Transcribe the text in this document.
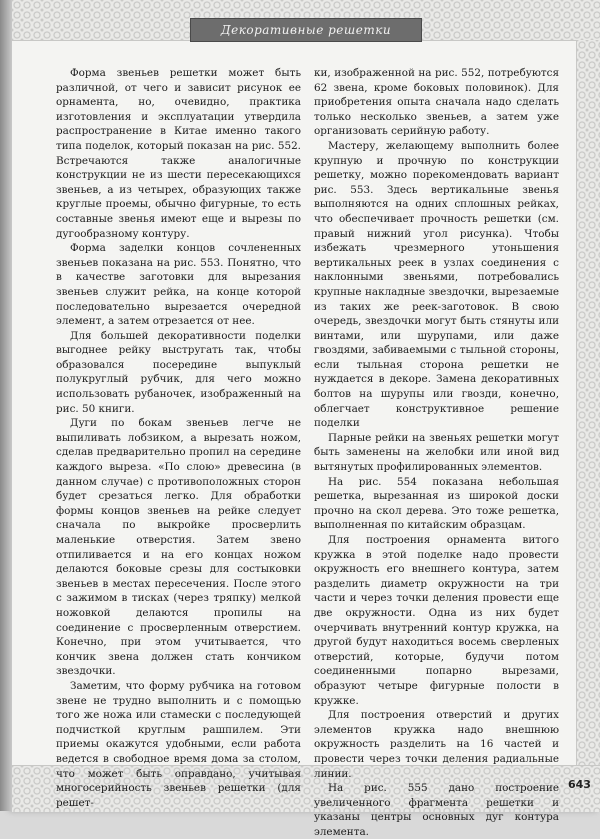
Декоративные решетки

Форма звеньев решетки может быть различной, от чего и зависит рисунок ее орнамента, но, очевидно, практика изготовления и эксплуатации утвердила распространение в Китае именно такого типа поделок, который показан на рис. 552. Встречаются также аналогичные конструкции не из шести пересекающихся звеньев, а из четырех, образующих также круглые проемы, обычно фигурные, то есть составные звенья имеют еще и вырезы по дугообразному контуру.

Форма заделки концов сочлененных звеньев показана на рис. 553. Понятно, что в качестве заготовки для вырезания звеньев служит рейка, на конце которой последовательно вырезается очередной элемент, а затем отрезается от нее.

Для большей декоративности поделки выгоднее рейку выстругать так, чтобы образовался посередине выпуклый полукруглый рубчик, для чего можно использовать рубаночек, изображенный на рис. 50 книги.

Дуги по бокам звеньев легче не выпиливать лобзиком, а вырезать ножом, сделав предварительно пропил на середине каждого выреза. «По слою» древесина (в данном случае) с противоположных сторон будет срезаться легко. Для обработки формы концов звеньев на рейке следует сначала по выкройке просверлить маленькие отверстия. Затем звено отпиливается и на его концах ножом делаются боковые срезы для состыковки звеньев в местах пересечения. После этого с зажимом в тисках (через тряпку) мелкой ножовкой делаются пропилы на соединение с просверленным отверстием. Конечно, при этом учитывается, что кончик звена должен стать кончиком звездочки.

Заметим, что форму рубчика на готовом звене не трудно выполнить и с помощью того же ножа или стамески с последующей подчисткой круглым рашпилем. Эти приемы окажутся удобными, если работа ведется в свободное время дома за столом, что может быть оправдано, учитывая многосерийность звеньев решетки (для решет-

ки, изображенной на рис. 552, потребуются 62 звена, кроме боковых половинок). Для приобретения опыта сначала надо сделать только несколько звеньев, а затем уже организовать серийную работу.

Мастеру, желающему выполнить более крупную и прочную по конструкции решетку, можно порекомендовать вариант рис. 553. Здесь вертикальные звенья выполняются на одних сплошных рейках, что обеспечивает прочность решетки (см. правый нижний угол рисунка). Чтобы избежать чрезмерного утоньшения вертикальных реек в узлах соединения с наклонными звеньями, потребовались крупные накладные звездочки, вырезаемые из таких же реек-заготовок. В свою очередь, звездочки могут быть стянуты или винтами, или шурупами, или даже гвоздями, забиваемыми с тыльной стороны, если тыльная сторона решетки не нуждается в декоре. Замена декоративных болтов на шурупы или гвозди, конечно, облегчает конструктивное решение поделки

Парные рейки на звеньях решетки могут быть заменены на желобки или иной вид вытянутых профилированных элементов.

На рис. 554 показана небольшая решетка, вырезанная из широкой доски прочно на скол дерева. Это тоже решетка, выполненная по китайским образцам.

Для построения орнамента витого кружка в этой поделке надо провести окружность его внешнего контура, затем разделить диаметр окружности на три части и через точки деления провести еще две окружности. Одна из них будет очерчивать внутренний контур кружка, на другой будут находиться восемь сверленых отверстий, которые, будучи потом соединенными попарно вырезами, образуют четыре фигурные полости в кружке.

Для построения отверстий и других элементов кружка надо внешнюю окружность разделить на 16 частей и провести через точки деления радиальные линии.

На рис. 555 дано построение увеличенного фрагмента решетки и указаны центры основных дуг контура элемента.

643
